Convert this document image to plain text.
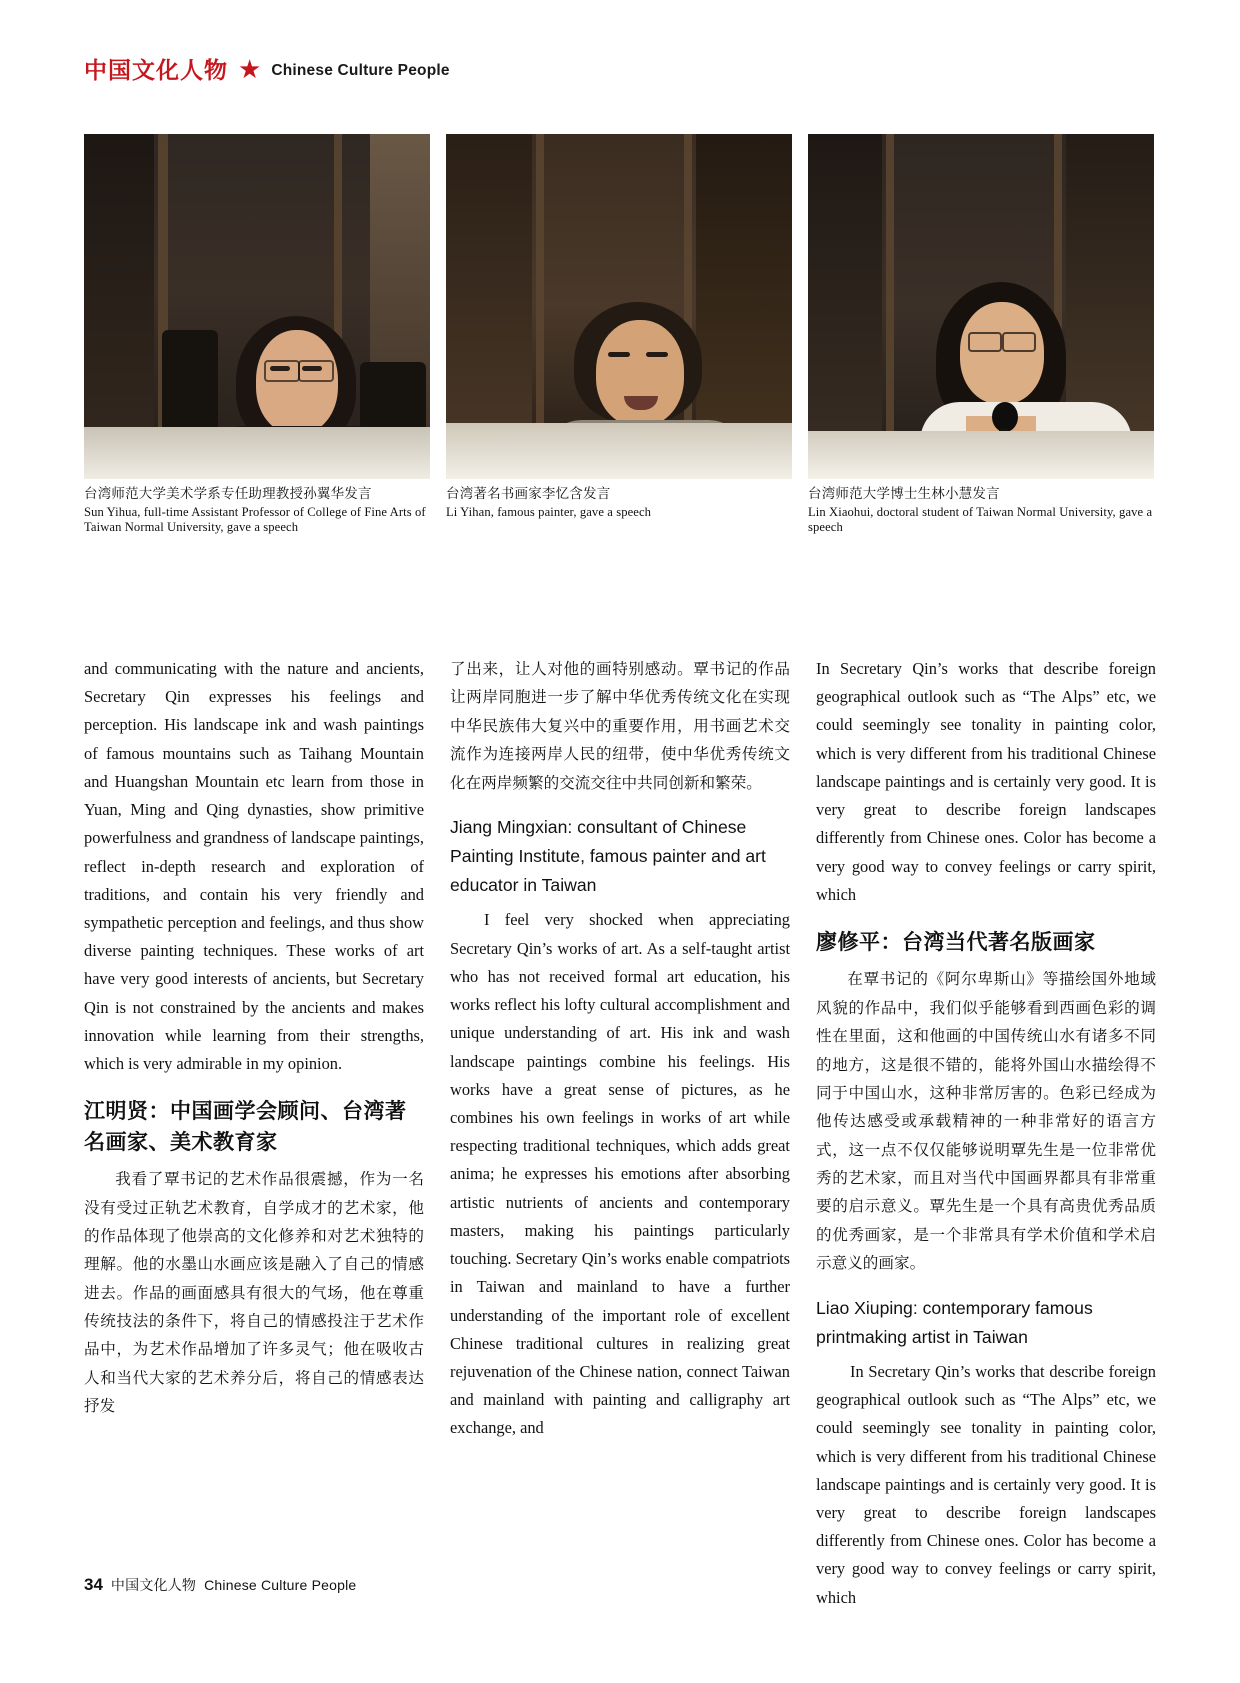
中国文化人物 ★ Chinese Culture People
台湾师范大学美术学系专任助理教授孙翼华发言
Sun Yihua, full-time Assistant Professor of College of Fine Arts of Taiwan Normal University, gave a speech
台湾著名书画家李忆含发言
Li Yihan, famous painter, gave a speech
台湾师范大学博士生林小慧发言
Lin Xiaohui, doctoral student of Taiwan Normal University, gave a speech

and communicating with the nature and ancients, Secretary Qin expresses his feelings and perception. His landscape ink and wash paintings of famous mountains such as Taihang Mountain and Huangshan Mountain etc learn from those in Yuan, Ming and Qing dynasties, show primitive powerfulness and grandness of landscape paintings, reflect in-depth research and exploration of traditions, and contain his very friendly and sympathetic perception and feelings, and thus show diverse painting techniques. These works of art have very good interests of ancients, but Secretary Qin is not constrained by the ancients and makes innovation while learning from their strengths, which is very admirable in my opinion.

江明贤：中国画学会顾问、台湾著名画家、美术教育家

我看了覃书记的艺术作品很震撼，作为一名没有受过正轨艺术教育，自学成才的艺术家，他的作品体现了他崇高的文化修养和对艺术独特的理解。他的水墨山水画应该是融入了自己的情感进去。作品的画面感具有很大的气场，他在尊重传统技法的条件下，将自己的情感投注于艺术作品中，为艺术作品增加了许多灵气；他在吸收古人和当代大家的艺术养分后，将自己的情感表达抒发

了出来，让人对他的画特别感动。覃书记的作品让两岸同胞进一步了解中华优秀传统文化在实现中华民族伟大复兴中的重要作用，用书画艺术交流作为连接两岸人民的纽带，使中华优秀传统文化在两岸频繁的交流交往中共同创新和繁荣。

Jiang Mingxian: consultant of Chinese Painting Institute, famous painter and art educator in Taiwan

I feel very shocked when appreciating Secretary Qin’s works of art. As a self-taught artist who has not received formal art education, his works reflect his lofty cultural accomplishment and unique understanding of art. His ink and wash landscape paintings combine his feelings. His works have a great sense of pictures, as he combines his own feelings in works of art while respecting traditional techniques, which adds great anima; he expresses his emotions after absorbing artistic nutrients of ancients and contemporary masters, making his paintings particularly touching. Secretary Qin’s works enable compatriots in Taiwan and mainland to have a further understanding of the important role of excellent Chinese traditional cultures in realizing great rejuvenation of the Chinese nation, connect Taiwan and mainland with painting and calligraphy art exchange, and

In Secretary Qin’s works that describe foreign geographical outlook such as “The Alps” etc, we could seemingly see tonality in painting color, which is very different from his traditional Chinese landscape paintings and is certainly very good. It is very great to describe foreign landscapes differently from Chinese ones. Color has become a very good way to convey feelings or carry spirit, which

廖修平：台湾当代著名版画家

在覃书记的《阿尔卑斯山》等描绘国外地域风貌的作品中，我们似乎能够看到西画色彩的调性在里面，这和他画的中国传统山水有诸多不同的地方，这是很不错的，能将外国山水描绘得不同于中国山水，这种非常厉害的。色彩已经成为他传达感受或承载精神的一种非常好的语言方式，这一点不仅仅能够说明覃先生是一位非常优秀的艺术家，而且对当代中国画界都具有非常重要的启示意义。覃先生是一个具有高贵优秀品质的优秀画家，是一个非常具有学术价值和学术启示意义的画家。

Liao Xiuping: contemporary famous printmaking artist in Taiwan

In Secretary Qin’s works that describe foreign geographical outlook such as “The Alps” etc, we could seemingly see tonality in painting color, which is very different from his traditional Chinese landscape paintings and is certainly very good. It is very great to describe foreign landscapes differently from Chinese ones. Color has become a very good way to convey feelings or carry spirit, which

34 中国文化人物 Chinese Culture People
